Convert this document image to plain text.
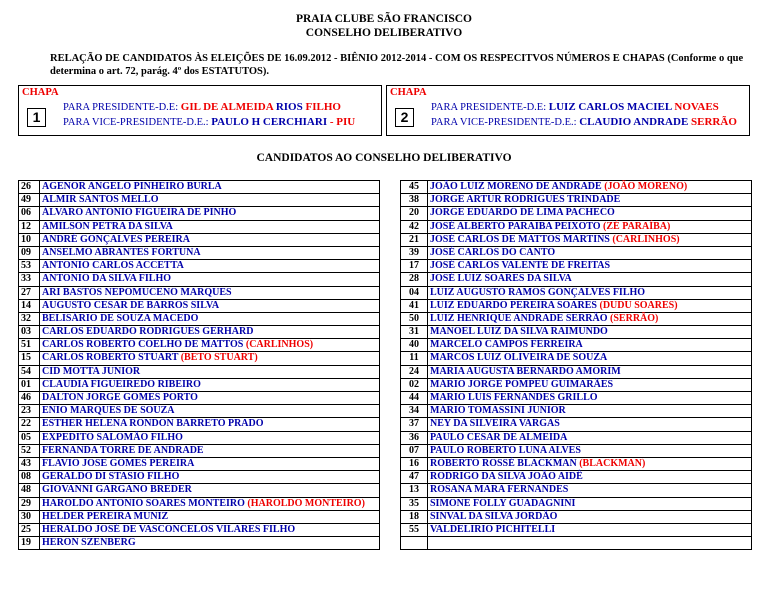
PRAIA CLUBE SÃO FRANCISCO
CONSELHO DELIBERATIVO
RELAÇÃO DE CANDIDATOS ÀS ELEIÇÕES DE 16.09.2012 - BIÊNIO 2012-2014 - COM OS RESPECITVOS NÚMEROS E CHAPAS (Conforme o que determina o art. 72, parág. 4º dos ESTATUTOS).
CHAPA
1
PARA PRESIDENTE-D.E: GIL DE ALMEIDA RIOS FILHO
PARA VICE-PRESIDENTE-D.E.: PAULO H CERCHIARI - PIU
CHAPA
2
PARA PRESIDENTE-D.E: LUIZ CARLOS MACIEL NOVAES
PARA VICE-PRESIDENTE-D.E.: CLAUDIO ANDRADE SERRÃO
CANDIDATOS AO CONSELHO DELIBERATIVO
26	AGENOR ANGELO PINHEIRO BURLA
49	ALMIR SANTOS MELLO
06	ÁLVARO ANTONIO FIGUEIRA DE PINHO
12	AMILSON PETRA DA SILVA
10	ANDRÉ GONÇALVES PEREIRA
09	ANSELMO ABRANTES FORTUNA
53	ANTONIO CARLOS ACCETTA
33	ANTONIO DA SILVA FILHO
27	ARI BASTOS NEPOMUCENO MARQUES
14	AUGUSTO CESAR DE BARROS SILVA
32	BELISÁRIO DE SOUZA MACEDO
03	CARLOS EDUARDO RODRIGUES GERHARD
51	CARLOS ROBERTO COELHO DE MATTOS (CARLINHOS)
15	CARLOS ROBERTO STUART (BETO STUART)
54	CID MOTTA JUNIOR
01	CLAUDIA FIGUEIREDO RIBEIRO
46	DALTON JORGE GOMES PORTO
23	ENIO MARQUES DE SOUZA
22	ESTHER HELENA RONDON BARRETO PRADO
05	EXPEDITO SALOMÃO FILHO
52	FERNANDA TORRE DE ANDRADE
43	FLAVIO JOSE GOMES PEREIRA
08	GERALDO DI STASIO FILHO
48	GIOVANNI GARGANO BREDER
29	HAROLDO ANTONIO SOARES MONTEIRO (HAROLDO MONTEIRO)
30	HELDER PEREIRA MUNIZ
25	HERALDO JOSÉ DE VASCONCELOS VILARES FILHO
19	HERON SZENBERG
45	JOÃO LUIZ MORENO DE ANDRADE (JOÃO MORENO)
38	JORGE ARTUR RODRIGUES TRINDADE
20	JORGE EDUARDO DE LIMA PACHECO
42	JOSÉ ALBERTO PARAIBA PEIXOTO (ZÉ PARAÍBA)
21	JOSÉ CARLOS DE MATTOS MARTINS (CARLINHOS)
39	JOSÉ CARLOS DO CANTO
17	JOSÉ CARLOS VALENTE DE FREITAS
28	JOSÉ LUIZ SOARES DA SILVA
04	LUIZ AUGUSTO RAMOS GONÇALVES FILHO
41	LUIZ EDUARDO PEREIRA SOARES (DUDU SOARES)
50	LUIZ HENRIQUE ANDRADE SERRÃO (SERRÃO)
31	MANOEL LUIZ DA SILVA RAIMUNDO
40	MARCELO CAMPOS FERREIRA
11	MARCOS LUIZ OLIVEIRA DE SOUZA
24	MARIA AUGUSTA BERNARDO AMORIM
02	MÁRIO JORGE POMPEU GUIMARÃES
44	MARIO LUIS FERNANDES GRILLO
34	MÁRIO TOMASSINI JUNIOR
37	NEY DA SILVEIRA VARGAS
36	PAULO CESAR DE ALMEIDA
07	PAULO ROBERTO LUNA ALVES
16	ROBERTO ROSSÉ BLACKMAN (BLACKMAN)
47	RODRIGO DA SILVA JOÃO AIDÊ
13	ROSANA MARA FERNANDES
35	SIMONE FOLLY GUADAGNINI
18	SINVAL DA SILVA JORDÃO
55	VALDELIRIO PICHITELLI
